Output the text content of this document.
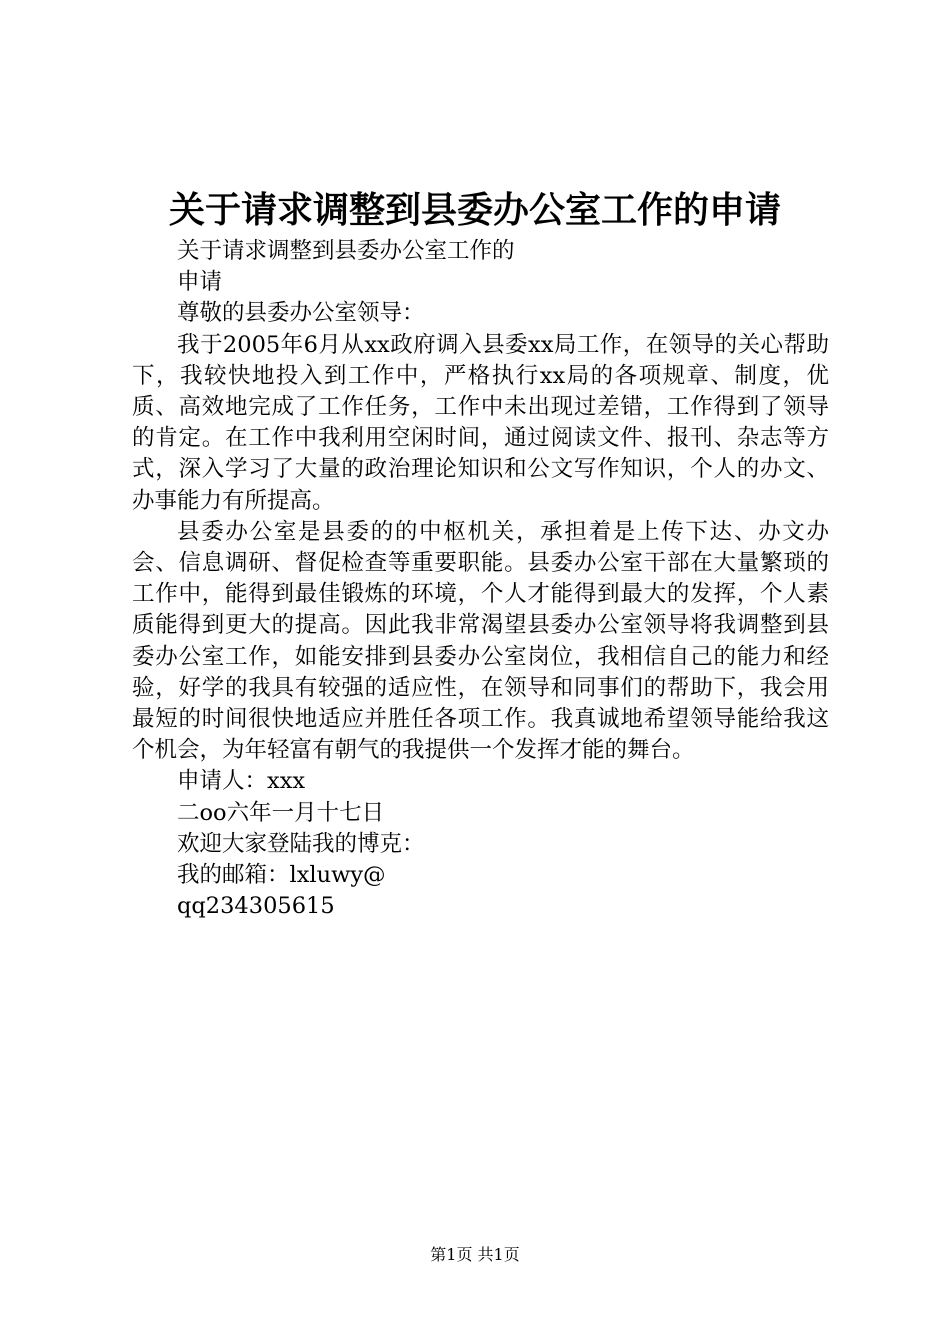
关于请求调整到县委办公室工作的申请
关于请求调整到县委办公室工作的
申请
尊敬的县委办公室领导：

我于2005年6月从xx政府调入县委xx局工作，在领导的关心帮助下，我较快地投入到工作中，严格执行xx局的各项规章、制度，优质、高效地完成了工作任务，工作中未出现过差错，工作得到了领导的肯定。在工作中我利用空闲时间，通过阅读文件、报刊、杂志等方式，深入学习了大量的政治理论知识和公文写作知识，个人的办文、办事能力有所提高。

县委办公室是县委的的中枢机关，承担着是上传下达、办文办会、信息调研、督促检查等重要职能。县委办公室干部在大量繁琐的工作中，能得到最佳锻炼的环境，个人才能得到最大的发挥，个人素质能得到更大的提高。因此我非常渴望县委办公室领导将我调整到县委办公室工作，如能安排到县委办公室岗位，我相信自己的能力和经验，好学的我具有较强的适应性，在领导和同事们的帮助下，我会用最短的时间很快地适应并胜任各项工作。我真诚地希望领导能给我这个机会，为年轻富有朝气的我提供一个发挥才能的舞台。

申请人：xxx
二oo六年一月十七日
欢迎大家登陆我的博克：
我的邮箱：lxluwy@
qq234305615
第1页 共1页
